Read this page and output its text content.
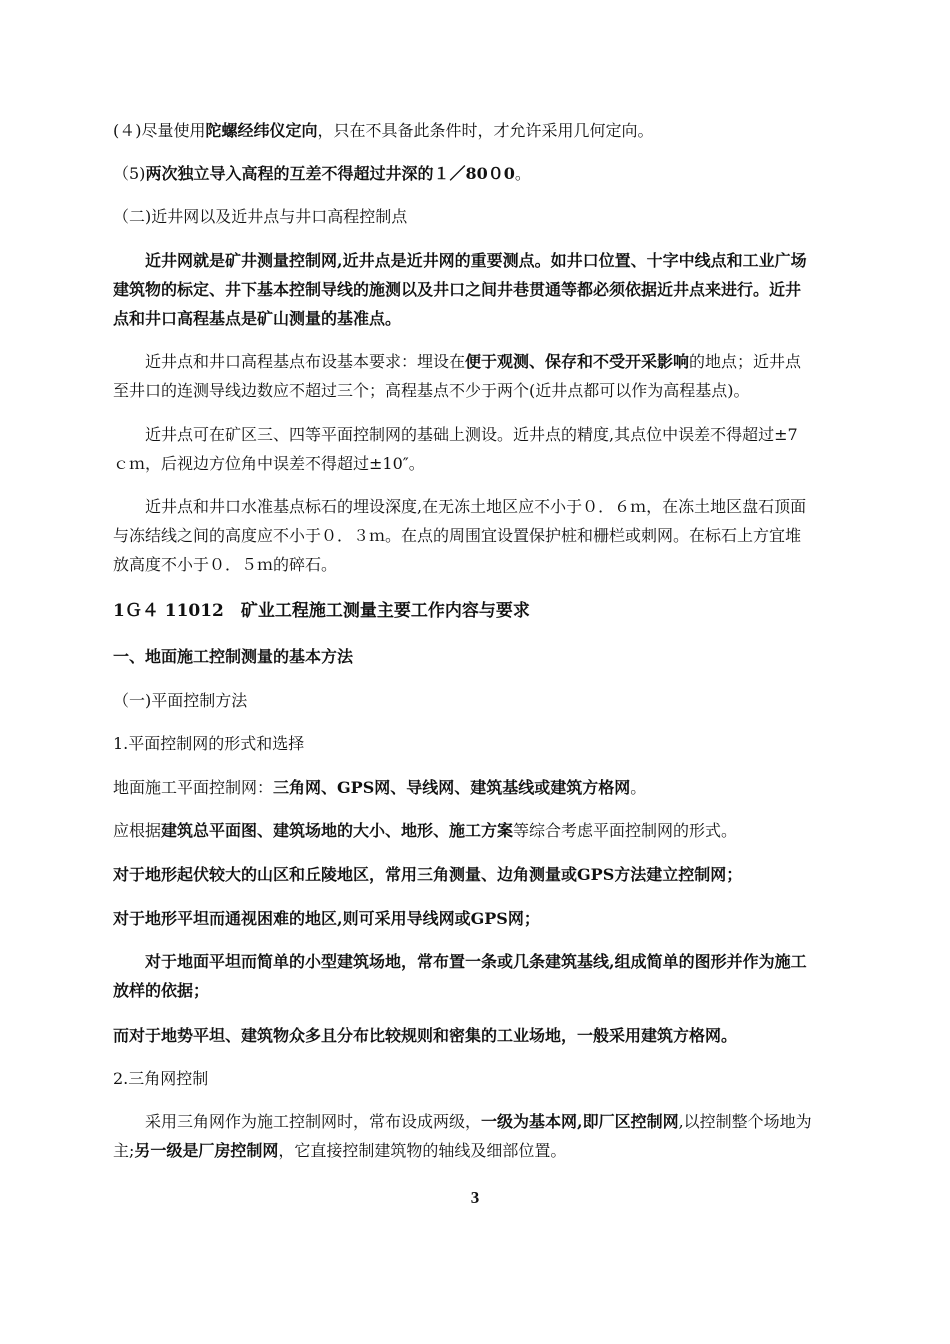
(４)尽量使用陀螺经纬仪定向，只在不具备此条件时，才允许采用几何定向。

（5)两次独立导入高程的互差不得超过井深的１／80０0。

（二)近井网以及近井点与井口高程控制点

近井网就是矿井测量控制网,近井点是近井网的重要测点。如井口位置、十字中线点和工业广场建筑物的标定、井下基本控制导线的施测以及井口之间井巷贯通等都必须依据近井点来进行。近井点和井口高程基点是矿山测量的基准点。

近井点和井口高程基点布设基本要求：埋设在便于观测、保存和不受开采影响的地点；近井点至井口的连测导线边数应不超过三个；高程基点不少于两个(近井点都可以作为高程基点)。

近井点可在矿区三、四等平面控制网的基础上测设。近井点的精度,其点位中误差不得超过±7ｃｍ，后视边方位角中误差不得超过±10″。

近井点和井口水准基点标石的埋设深度,在无冻土地区应不小于０．６ｍ，在冻土地区盘石顶面与冻结线之间的高度应不小于０．３ｍ。在点的周围宜设置保护桩和栅栏或刺网。在标石上方宜堆放高度不小于０．５ｍ的碎石。

1Ｇ４ 11012　矿业工程施工测量主要工作内容与要求

一、地面施工控制测量的基本方法

（一)平面控制方法

1.平面控制网的形式和选择

地面施工平面控制网：三角网、GPS网、导线网、建筑基线或建筑方格网。

应根据建筑总平面图、建筑场地的大小、地形、施工方案等综合考虑平面控制网的形式。

对于地形起伏较大的山区和丘陵地区，常用三角测量、边角测量或GPS方法建立控制网；

对于地形平坦而通视困难的地区,则可采用导线网或GPS网；

对于地面平坦而简单的小型建筑场地，常布置一条或几条建筑基线,组成简单的图形并作为施工放样的依据；

而对于地势平坦、建筑物众多且分布比较规则和密集的工业场地，一般采用建筑方格网。

2.三角网控制

采用三角网作为施工控制网时，常布设成两级，一级为基本网,即厂区控制网,以控制整个场地为主;另一级是厂房控制网，它直接控制建筑物的轴线及细部位置。

3
